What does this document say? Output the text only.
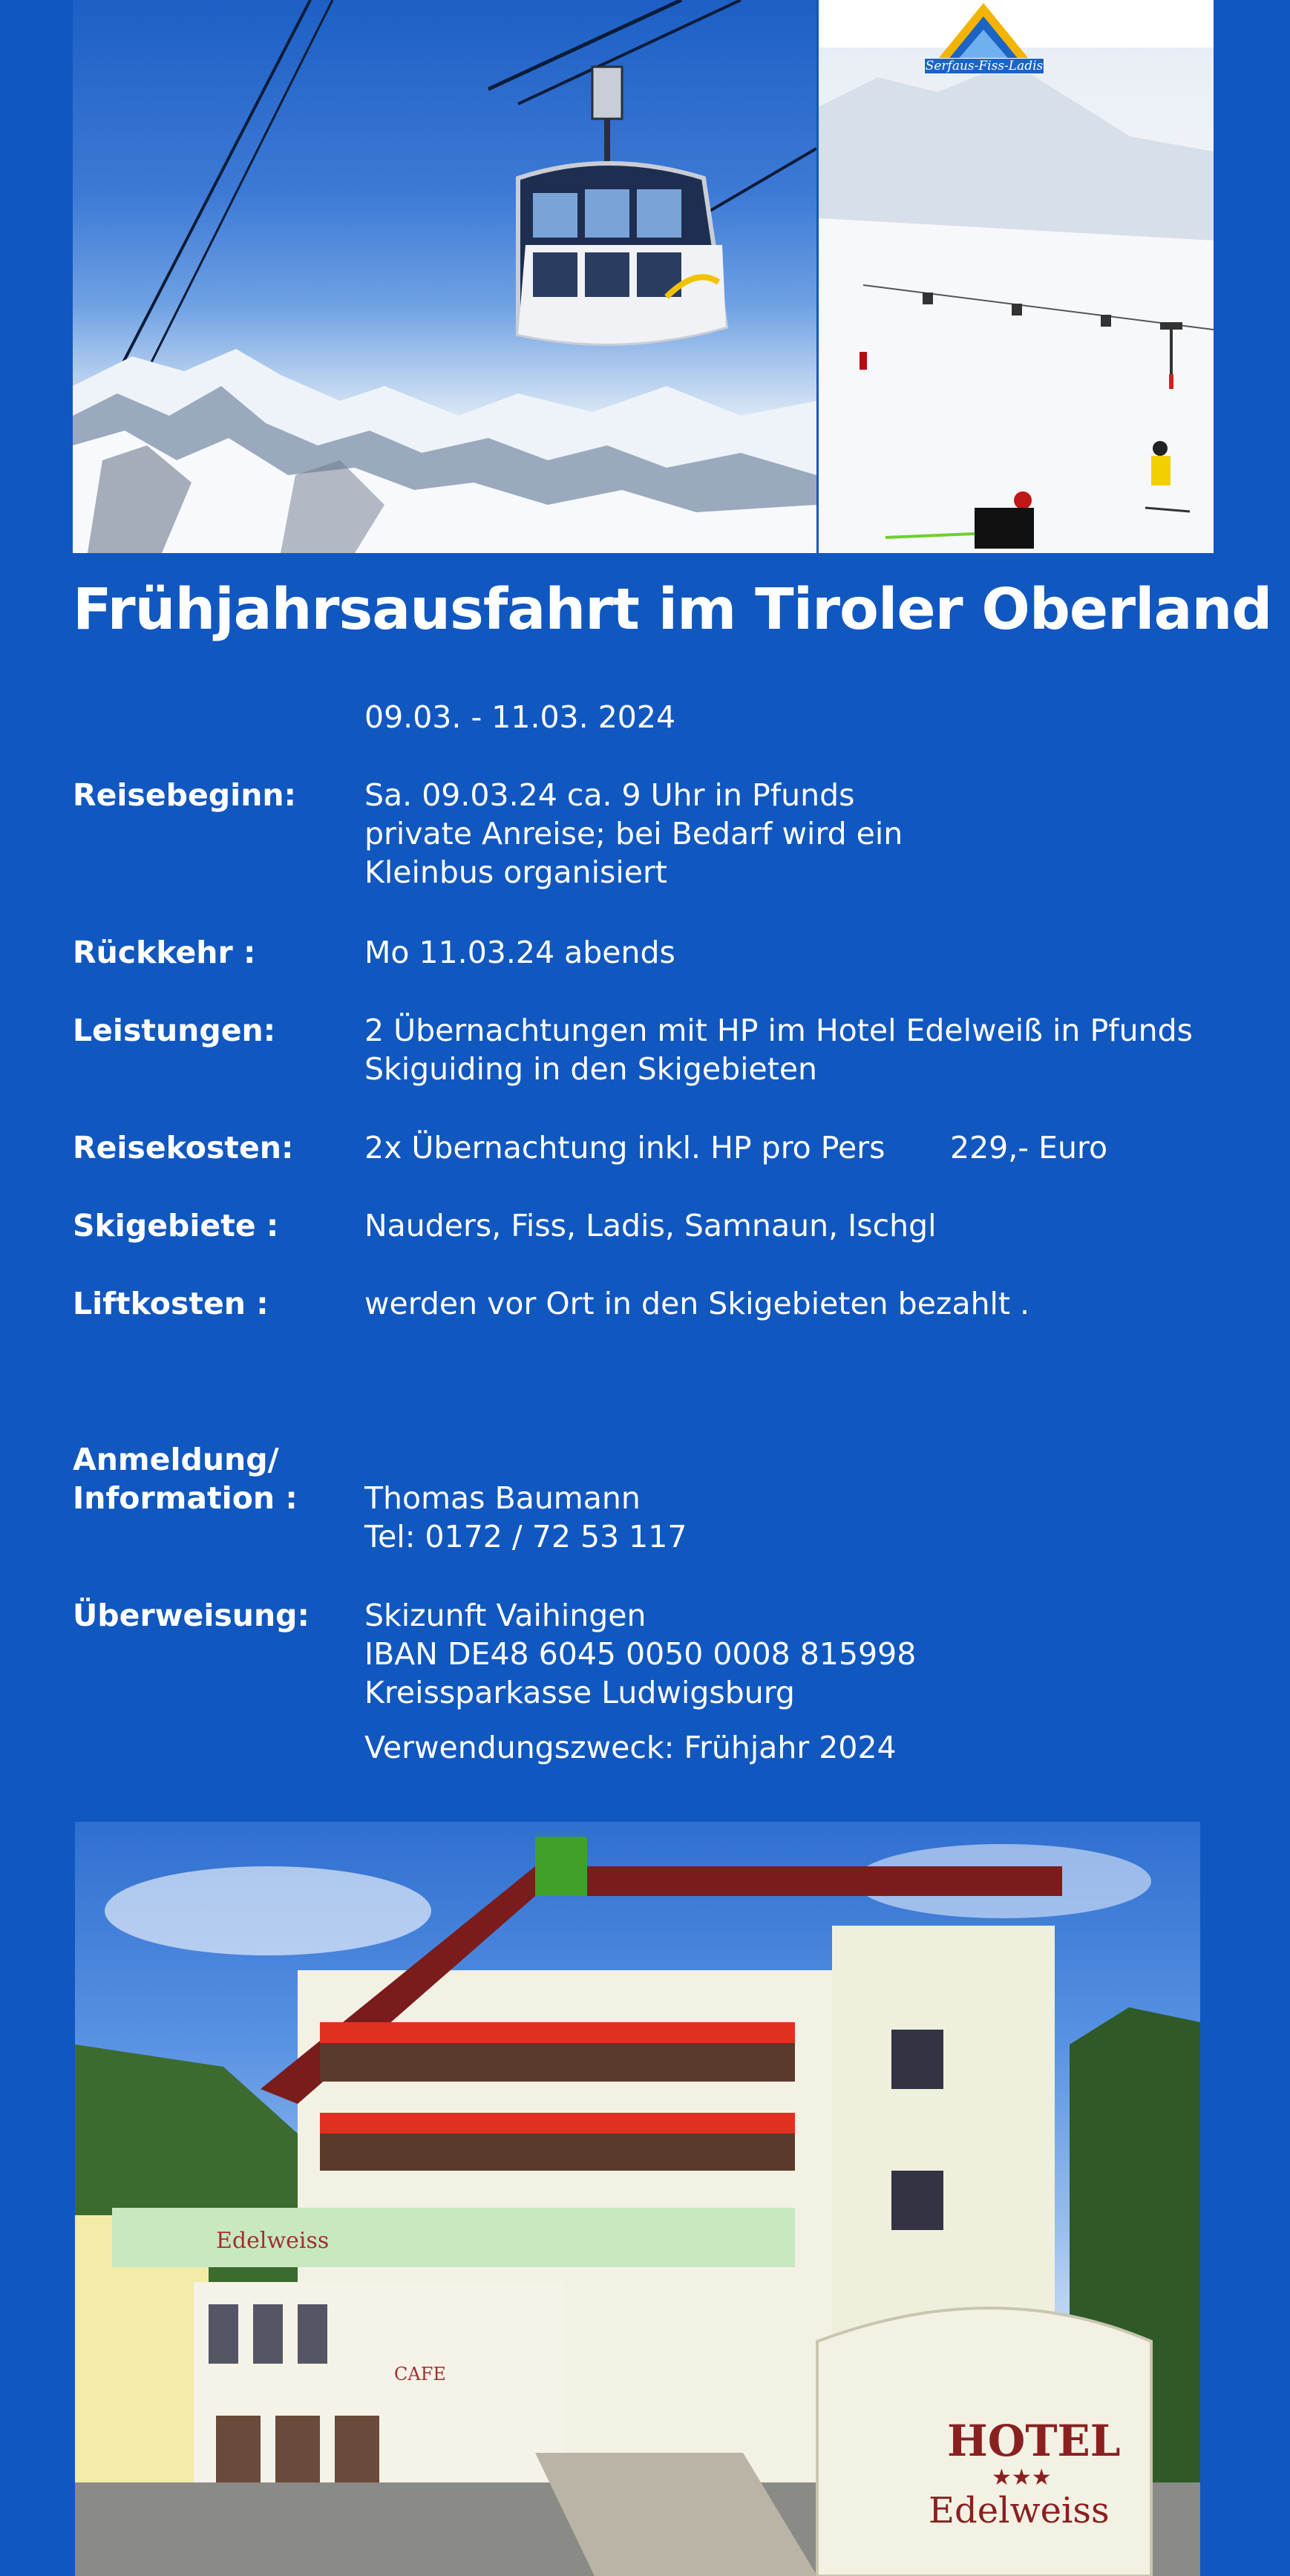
Serfaus-Fiss-Ladis
Frühjahrsausfahrt im Tiroler Oberland
09.03. - 11.03. 2024
Reisebeginn: Sa. 09.03.24 ca. 9 Uhr in Pfunds
private Anreise; bei Bedarf wird ein
Kleinbus organisiert
Rückkehr :	Mo 11.03.24 abends
Leistungen:	2 Übernachtungen mit HP im Hotel Edelweiß in Pfunds
Skiguiding in den Skigebieten
Reisekosten: 2x Übernachtung inkl. HP pro Pers 229,- Euro
Skigebiete :	Nauders, Fiss, Ladis, Samnaun, Ischgl
Liftkosten :	werden vor Ort in den Skigebieten bezahlt .
Anmeldung/
Information : Thomas Baumann
Tel: 0172 / 72 53 117
Überweisung: Skizunft Vaihingen
IBAN DE48 6045 0050 0008 815998
Kreissparkasse Ludwigsburg
Verwendungszweck: Frühjahr 2024
HOTEL
★★★
Edelweiss
Edelweiss
CAFE
